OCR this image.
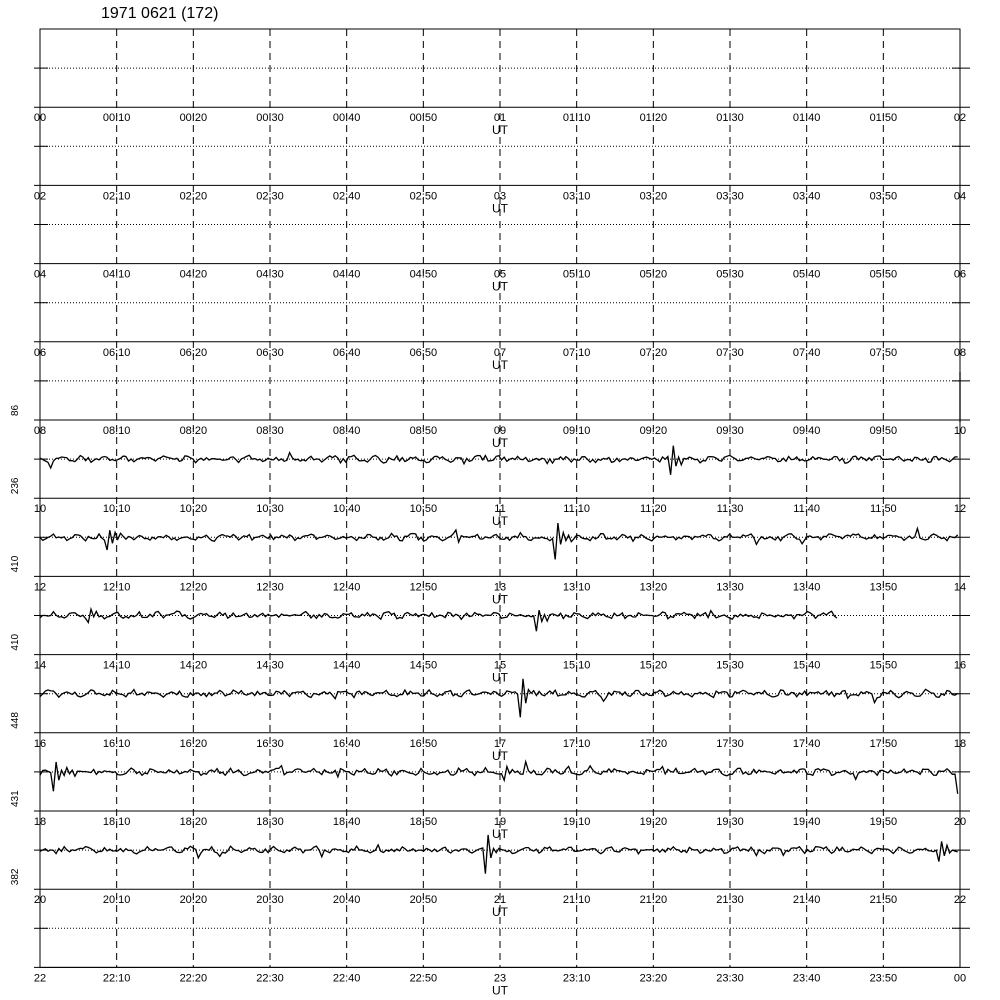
1971 0621 (172)
00	00:10	00:20	00:30	00:40	00:50	01	01:10	01:20	01:30	01:40	01:50	02
UT
02	02:10	02:20	02:30	02:40	02:50	03	03:10	03:20	03:30	03:40	03:50	04
UT
04	04:10	04:20	04:30	04:40	04:50	05	05:10	05:20	05:30	05:40	05:50	06
UT
06	06:10	06:20	06:30	06:40	06:50	07	07:10	07:20	07:30	07:40	07:50	08
UT
08	08:10	08:20	08:30	08:40	08:50	09	09:10	09:20	09:30	09:40	09:50	10
UT
86
10	10:10	10:20	10:30	10:40	10:50	11	11:10	11:20	11:30	11:40	11:50	12
UT
236
12	12:10	12:20	12:30	12:40	12:50	13	13:10	13:20	13:30	13:40	13:50	14
UT
410
14	14:10	14:20	14:30	14:40	14:50	15	15:10	15:20	15:30	15:40	15:50	16
UT
410
16	16:10	16:20	16:30	16:40	16:50	17	17:10	17:20	17:30	17:40	17:50	18
UT
448
18	18:10	18:20	18:30	18:40	18:50	19	19:10	19:20	19:30	19:40	19:50	20
UT
431
20	20:10	20:20	20:30	20:40	20:50	21	21:10	21:20	21:30	21:40	21:50	22
UT
382
22	22:10	22:20	22:30	22:40	22:50	23	23:10	23:20	23:30	23:40	23:50	00
UT
